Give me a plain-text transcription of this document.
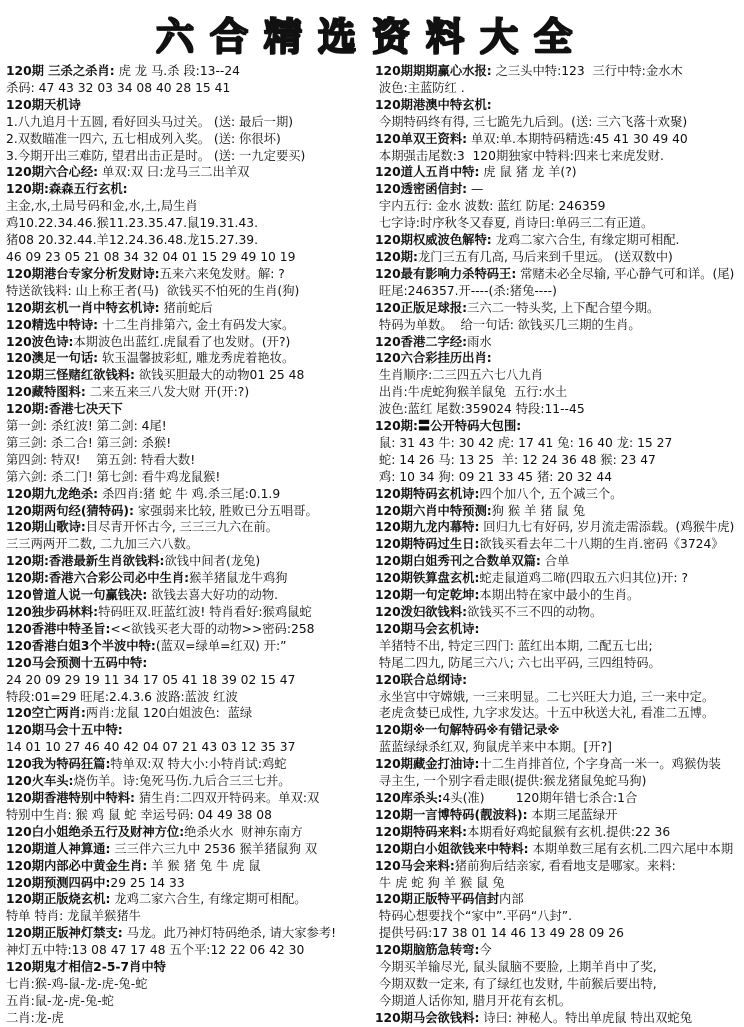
六合精选资料大全
120期 三杀之杀肖: 虎 龙 马.杀 段:13--24
杀码: 47 43 32 03 34 08 40 28 15 41
120期天机诗
1.八九追月十五圆, 看好回头马过关。 (送: 最后一期)
2.双数瞄准一四六, 五七相成列入奖。 (送: 你很坏)
3.今期开出三难防, 望君出击正是时。 (送: 一九定要买)
120期六合心经: 单双:双 曰:龙马三二出羊双
120期:森森五行玄机:
主金,水,土局号码和金,水,土,局生肖
鸡10.22.34.46.猴11.23.35.47.鼠19.31.43.
猪08 20.32.44.羊12.24.36.48.龙15.27.39.
46 09 23 05 21 08 34 32 04 01 15 29 49 10 19
120期港台专家分析发财诗:五来六来兔发财。解: ?
特送欲钱料: 山上称王者(马)  欲钱买不怕死的生肖(狗)
120期玄机一肖中特玄机诗: 猪前蛇后
120精选中特诗: 十二生肖排第六, 金土有码发大家。
120波色诗:本期波色出蓝红.虎鼠看了也发财。(开?)
120澳足一句话: 软玉温馨披彩虹, 雕龙秀虎着艳妆。
120期三怪赌红欲钱料: 欲钱买胆最大的动物01 25 48
120藏特图料: 二来五来三八发大财 开(开:?)
120期:香港七决天下
第一剑: 杀红波! 第二剑: 4尾!
第三剑: 杀二合! 第三剑: 杀猴!
第四剑: 特双!    第五剑: 特看大数!
第六剑: 杀二门! 第七剑: 看牛鸡龙鼠猴!
120期九龙绝杀: 杀四肖:猪 蛇 牛 鸡.杀三尾:0.1.9
120期两句经(猜特码): 家强弱来比较, 胜败已分五唱哥。
120期山歌诗:目尽青开怀古今, 三三三九六在前。
三三两两开二数, 二九加三六八数。
120期:香港最新生肖欲钱料:欲钱中间者(龙兔)
120期:香港六合彩公司必中生肖:猴羊猪鼠龙牛鸡狗
120曾道人说一句赢钱决: 欲钱去喜大好功的动物.
120独步码林料:特码旺双.旺蓝红波! 特肖看好:猴鸡鼠蛇
120香港中特圣旨:<<欲钱买老大哥的动物>>密码:258
120香港白姐3个半波中特:(蓝双=绿单=红双) 开:”
120马会预测十五码中特:
24 20 09 29 19 11 34 17 05 41 18 39 02 15 47
特段:01=29 旺尾:2.4.3.6 波路:蓝波 红波
120空亡两肖:两肖:龙鼠 120白姐波色:  蓝绿
120期马会十五中特:
14 01 10 27 46 40 42 04 07 21 43 03 12 35 37
120我为特码狂篇:特单双:双 特大小:小特肖试:鸡蛇
120火车头:烧伤羊。诗:兔死马伤.九后合三三七并。
120期香港特别中特料: 猜生肖:二四双开特码来。单双:双
特别中生肖: 猴 鸡 鼠 蛇 幸运号码: 04 49 38 08
120白小姐绝杀五行及财神方位:绝杀火水  财神东南方
120期道人神算通: 三三伴六三九中 2536 猴羊猪鼠狗 双
120期内部必中黄金生肖: 羊 猴 猪 兔 牛 虎 鼠
120期预测四码中:29 25 14 33
120期正版烧玄机: 龙鸡二家六合生, 有缘定期可相配。
特单 特肖: 龙鼠羊猴猪牛
120期正版神灯禁支: 马龙。此乃神灯特码绝杀, 请大家参考!
神灯五中特:13 08 47 17 48 五个平:12 22 06 42 30
120期鬼才相信2-5-7肖中特
七肖:猴-鸡-鼠-龙-虎-兔-蛇
五肖:鼠-龙-虎-兔-蛇
二肖:龙-虎
120期期期赢心水报: 之三头中特:123  三行中特:金水木
波色:主蓝防红 .
120期港澳中特玄机:
今期特码终有得, 三七跪先九后到。(送: 三六飞落十欢聚)
120单双王资料: 单双:单.本期特码精选:45 41 30 49 40
本期强击尾数:3  120期独家中特料:四来七来虎发财.
120道人五肖中特: 虎 鼠 猪 龙 羊(?)
120透密函信封: —
宇内五行: 金水 波数: 蓝红 防尾: 246359
七字诗:时序秋冬又春夏, 肖诗曰:单码三二有正道。
120期权威波色解特: 龙鸡二家六合生, 有缘定期可相配.
120期:龙门三五有几高, 马后来到千里远。 (送双数中)
120最有影响力杀特码王: 常赌未必全尽输, 平心静气可和详。(尾)
旺尾:246357.开----(杀:猪兔----)
120正版足球报:三六二一特头奖, 上下配合望今期。
特码为单数。  给一句话: 欲钱买几三期的生肖。
120香港二字经:雨水
120六合彩挂历出肖:
生肖顺序:二三四五六七八九肖
出肖:牛虎蛇狗猴羊鼠兔  五行:水土
波色:蓝红 尾数:359024 特段:11--45
120期:〓公开特码大包围:
鼠: 31 43 牛: 30 42 虎: 17 41 兔: 16 40 龙: 15 27
蛇: 14 26 马: 13 25  羊: 12 24 36 48 猴: 23 47
鸡: 10 34 狗: 09 21 33 45 猪: 20 32 44
120期特码玄机诗:四个加八个, 五个减三个。
120期六肖中特预测:狗 猴 羊 猪 鼠 兔
120期九龙内幕特: 回归九七有好码, 岁月流走需添载。(鸡猴牛虎)
120期特码过生日:欲钱买看去年二十八期的生肖.密码《3724》
120期白姐秀刊之合数单双篇: 合单
120期铁算盘玄机:蛇走鼠道鸡二啼(四取五六归其位)开: ?
120期一句定乾坤:本期出特在家中最小的生肖。
120泼妇欲钱料:欲钱买不三不四的动物。
120期马会玄机诗:
羊猪特不出, 特定三四门: 蓝红出本期, 二配五七出;
特尾二四九, 防尾三六八; 六七出平码, 三四组特码。
120联合总纲诗:
永坐宫中守嫦娥, 一三来明显。二七兴旺大力追, 三一来中定。
老虎贪婪已成性, 九字求发达。十五中秋送大礼, 看准二五博。
120期※一句解特码※有错记录※
蓝蓝绿绿杀红双, 狗鼠虎羊来中本期。[开?]
120期藏金打油诗:十二生肖排首位, 个字身高一米一。鸡猴伪装
寻主生, 一个别字看走眼(提供:猴龙猪鼠兔蛇马狗)
120库杀头:4头(准)        120期年错七杀合:1合
120期一言博特码(靓波料): 本期三尾蓝绿开
120期特码来料:本期看好鸡蛇鼠猴有玄机.提供:22 36
120期白小姐欲钱来中特料: 本期单数三尾有玄机.二四六尾中本期
120马会来料:猪前狗后结亲家, 看看地支是哪家。来料:
牛 虎 蛇 狗 羊 猴 鼠 兔
120期正版特平码信封内部
特码心想要找个“家中”.平码“八封”.
提供号码:17 38 01 14 46 13 49 28 09 26
120期脑筋急转弯:今
今期买羊输尽光, 鼠头鼠脑不要脸, 上期羊肖中了奖,
今期双数一定来, 有了绿红也发财, 牛前猴后要出特,
今期道人话你知, 腊月开花有玄机。
120期马会欲钱料: 诗曰: 神秘人。特出单虎鼠 特出双蛇兔
